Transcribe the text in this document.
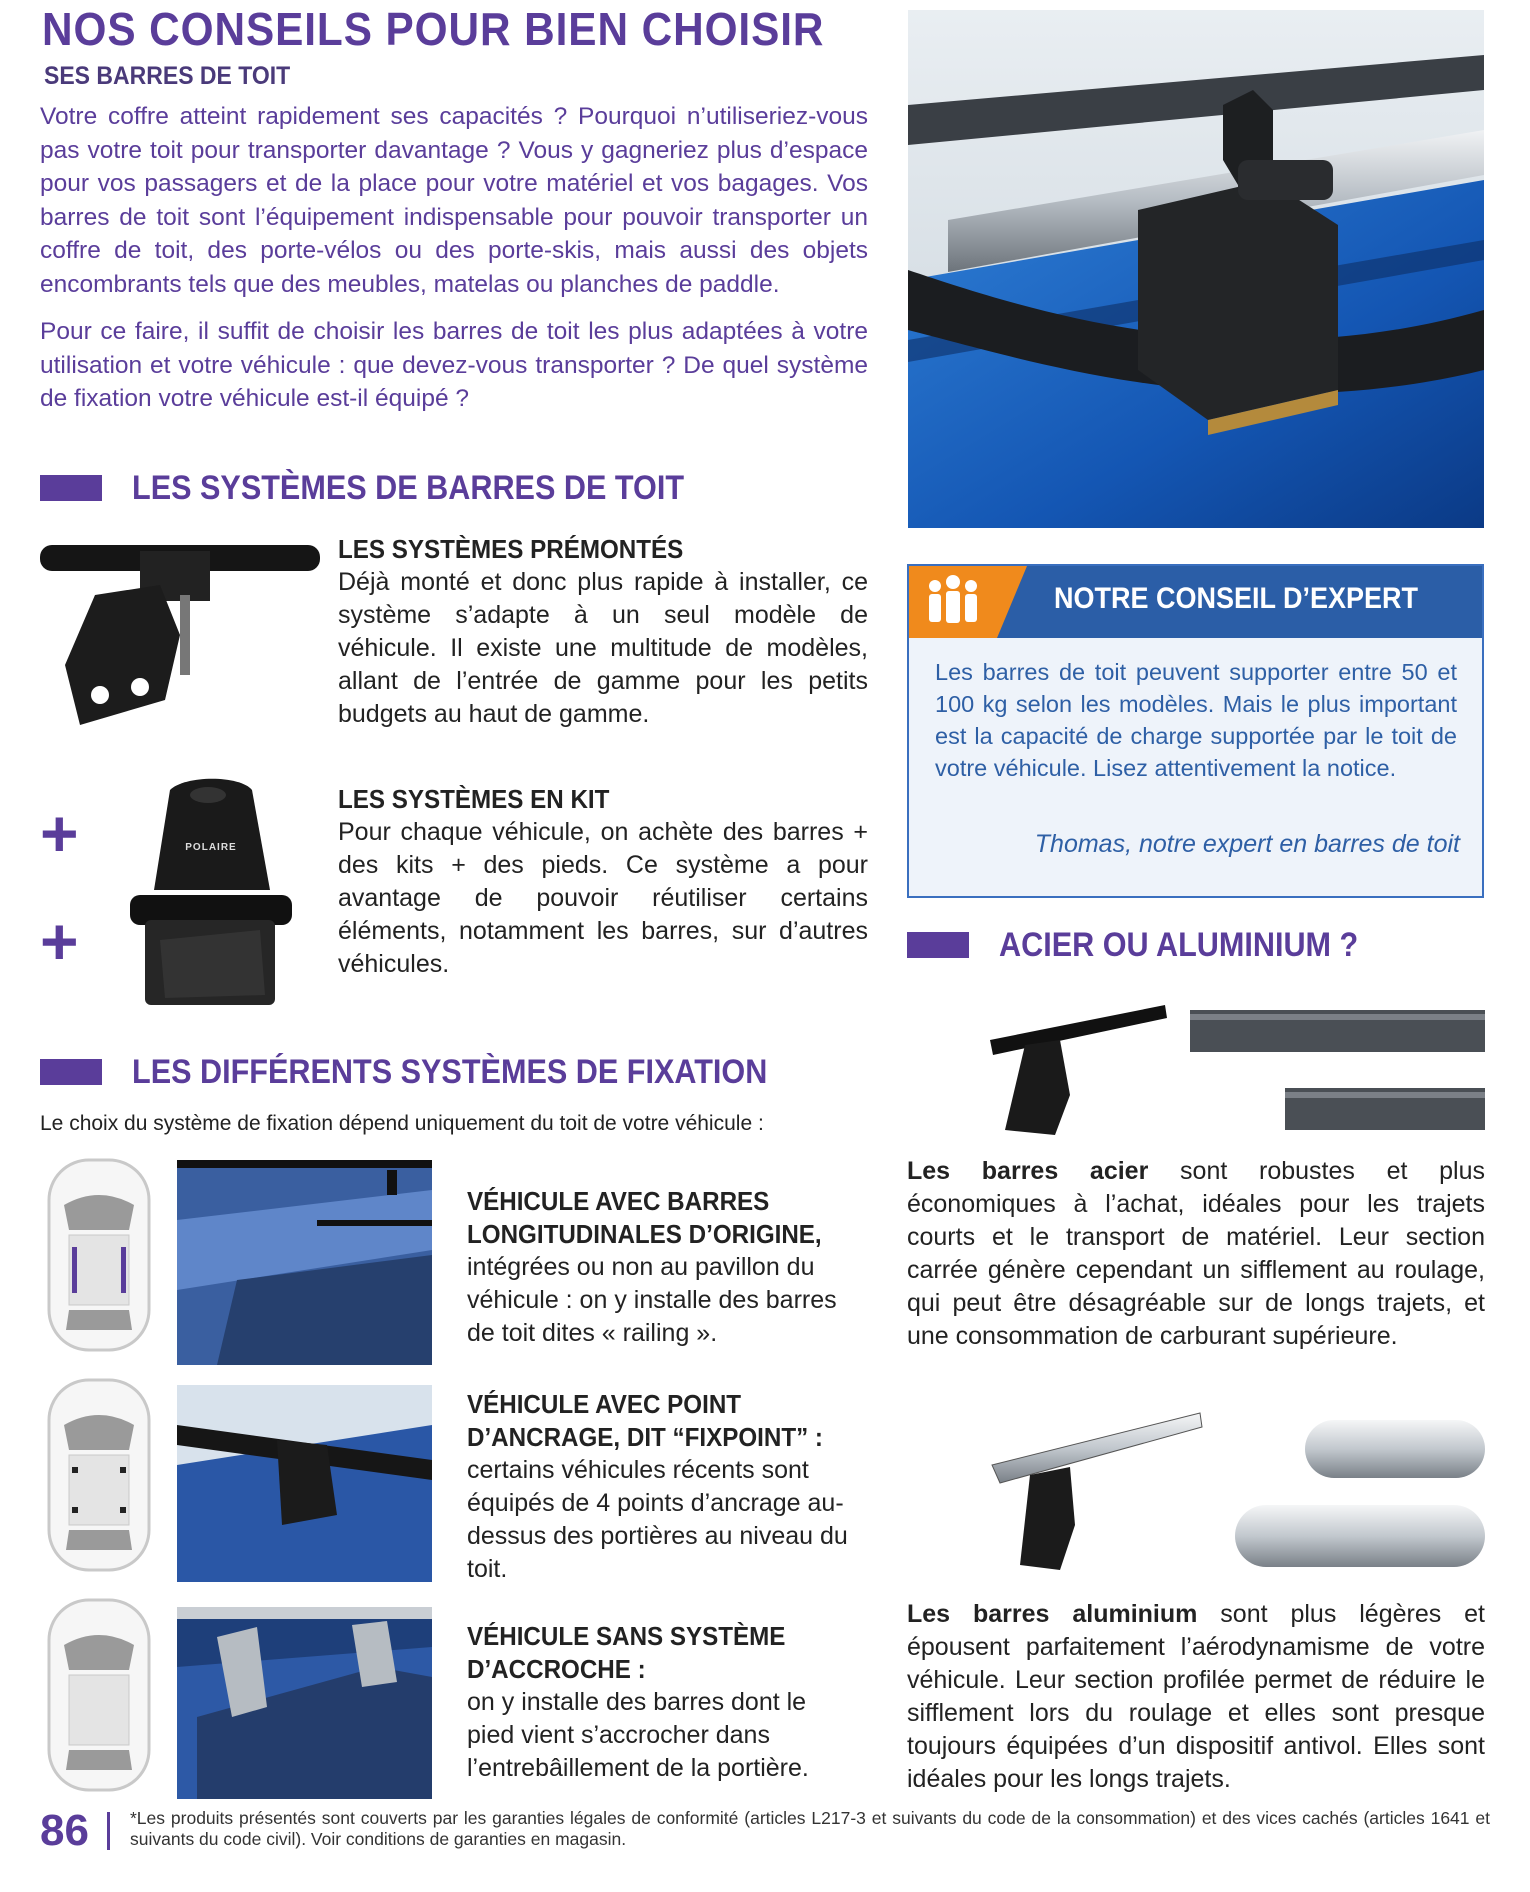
NOS CONSEILS POUR BIEN CHOISIR
SES BARRES DE TOIT

Votre coffre atteint rapidement ses capacités ? Pourquoi n’utiliseriez-vous pas votre toit pour transporter davantage ? Vous y gagneriez plus d’espace pour vos passagers et de la place pour votre matériel et vos bagages. Vos barres de toit sont l’équipement indispensable pour pouvoir transporter un coffre de toit, des porte-vélos ou des porte-skis, mais aussi des objets encombrants tels que des meubles, matelas ou planches de paddle.

Pour ce faire, il suffit de choisir les barres de toit les plus adaptées à votre utilisation et votre véhicule : que devez-vous transporter ? De quel système de fixation votre véhicule est-il équipé ?

LES SYSTÈMES DE BARRES DE TOIT
LES SYSTÈMES PRÉMONTÉS
Déjà monté et donc plus rapide à installer, ce système s’adapte à un seul modèle de véhicule. Il existe une multitude de modèles, allant de l’entrée de gamme pour les petits budgets au haut de gamme.
+
+
POLAIRE
LES SYSTÈMES EN KIT
Pour chaque véhicule, on achète des barres + des kits + des pieds. Ce système a pour avantage de pouvoir réutiliser certains éléments, notamment les barres, sur d’autres véhicules.
LES DIFFÉRENTS SYSTÈMES DE FIXATION
Le choix du système de fixation dépend uniquement du toit de votre véhicule :
VÉHICULE AVEC BARRES LONGITUDINALES D’ORIGINE,
intégrées ou non au pavillon du véhicule : on y installe des barres de toit dites « railing ».
VÉHICULE AVEC POINT D’ANCRAGE, DIT “FIXPOINT” :
certains véhicules récents sont équipés de 4 points d’ancrage au-dessus des portières au niveau du toit.
VÉHICULE SANS SYSTÈME D’ACCROCHE :
on y installe des barres dont le pied vient s’accrocher dans l’entrebâillement de la portière.
NOTRE CONSEIL D’EXPERT
Les barres de toit peuvent supporter entre 50 et 100 kg selon les modèles. Mais le plus important est la capacité de charge supportée par le toit de votre véhicule. Lisez attentivement la notice.
Thomas, notre expert en barres de toit
ACIER OU ALUMINIUM ?
Les barres acier sont robustes et plus économiques à l’achat, idéales pour les trajets courts et le transport de matériel. Leur section carrée génère cependant un sifflement au roulage, qui peut être désagréable sur de longs trajets, et une consommation de carburant supérieure.
Les barres aluminium sont plus légères et épousent parfaitement l’aérodynamisme de votre véhicule. Leur section profilée permet de réduire le sifflement lors du roulage et elles sont presque toujours équipées d’un dispositif antivol. Elles sont idéales pour les longs trajets.
86 *Les produits présentés sont couverts par les garanties légales de conformité (articles L217-3 et suivants du code de la consommation) et des vices cachés (articles 1641 et suivants du code civil). Voir conditions de garanties en magasin.
